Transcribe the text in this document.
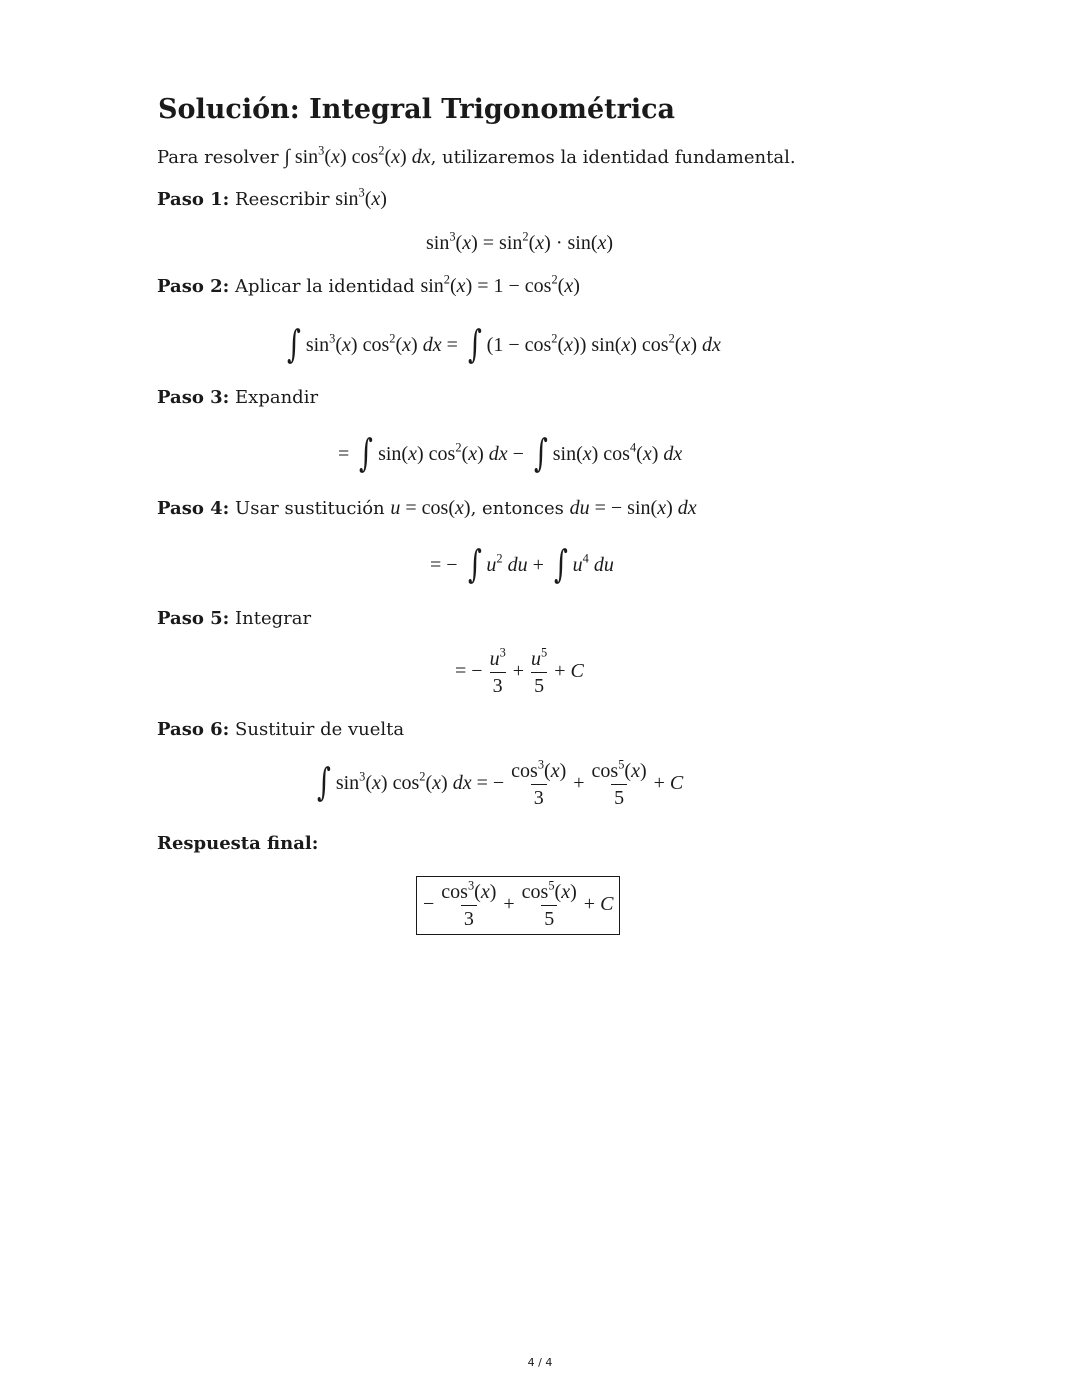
Solución: Integral Trigonométrica
Para resolver ∫ $\sin^3(x)$ $\cos^2(x)$ dx, utilizaremos la identidad fundamental.
Paso 1: Reescribir $\sin^3(x)$
$\sin^3(x) = \sin^2(x) \cdot \sin(x)$
Paso 2: Aplicar la identidad $\sin^2(x) = 1 - \cos^2(x)$
∫ $\sin^3(x)$ $\cos^2(x)$ dx = ∫ $(1 - \cos^2(x))$ sin(x) $\cos^2(x)$ dx
Paso 3: Expandir
= ∫ sin(x) $\cos^2(x)$ dx − ∫ sin(x) $\cos^4(x)$ dx
Paso 4: Usar sustitución u = cos(x), entonces du = − sin(x) dx
= − ∫ $u^2$ du + ∫ $u^4$ du
Paso 5: Integrar
= − $\frac{u^3}{3} + \frac{u^5}{5} + C$
Paso 6: Sustituir de vuelta
∫ $\sin^3(x)$ $\cos^2(x)$ dx = − $\frac{\cos^3(x)}{3} + \frac{\cos^5(x)}{5} + C$
Respuesta final:
− $\frac{\cos^3(x)}{3} + \frac{\cos^5(x)}{5} + C$
4 / 4
